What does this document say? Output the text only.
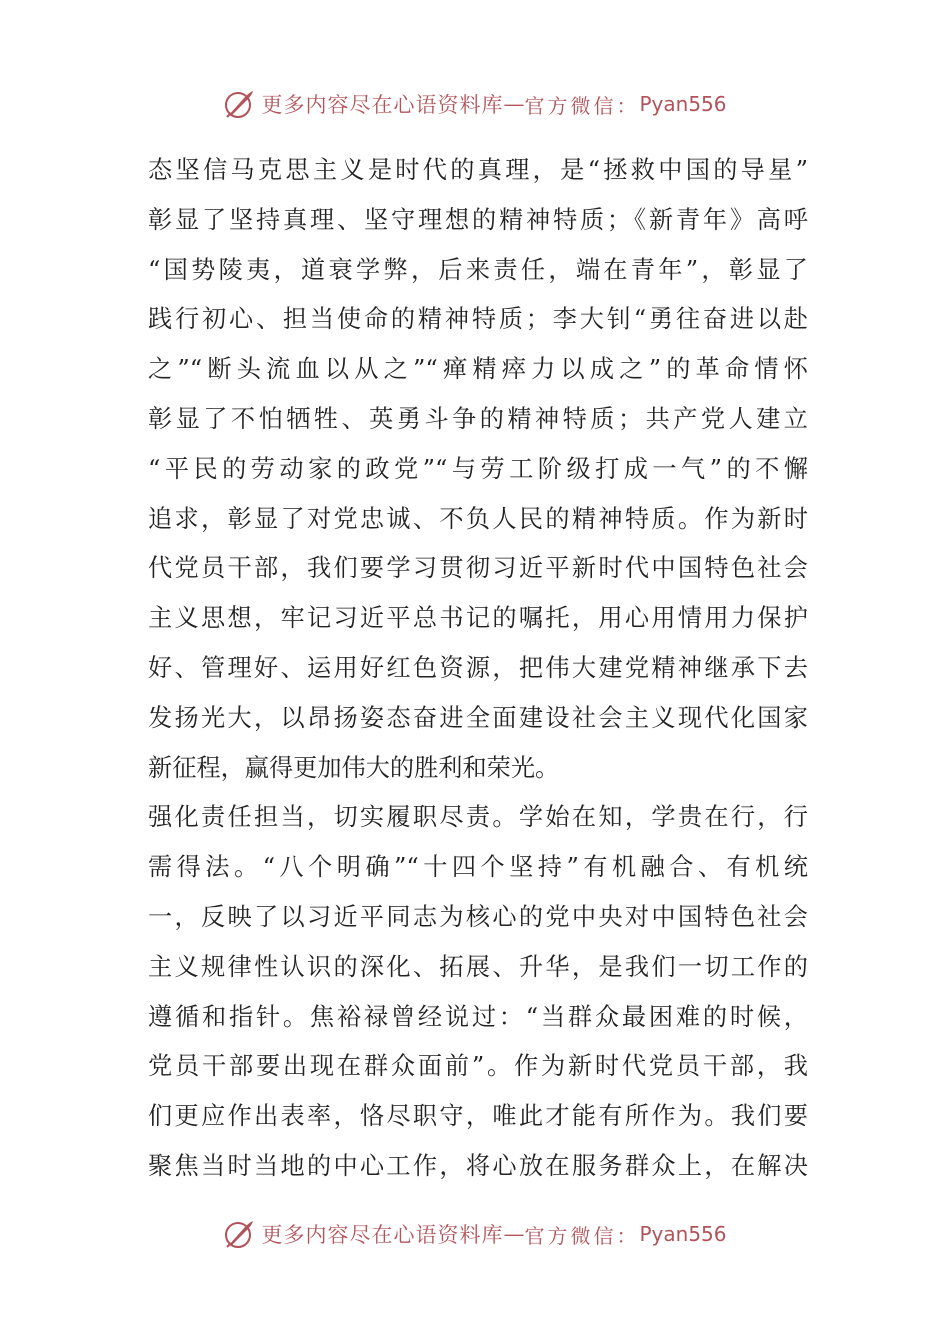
更多内容尽在心语资料库 — 官方微信： Pyan556
态坚信马克思主义是时代的真理，是“拯救中国的导星”
彰显了坚持真理、坚守理想的精神特质；《新青年》高呼
“国势陵夷，道衰学弊，后来责任，端在青年”，彰显了
践行初心、担当使命的精神特质；李大钊“勇往奋进以赴
之”“断头流血以从之”“瘅精瘁力以成之”的革命情怀
彰显了不怕牺牲、英勇斗争的精神特质；共产党人建立
“平民的劳动家的政党”“与劳工阶级打成一气”的不懈
追求，彰显了对党忠诚、不负人民的精神特质。作为新时
代党员干部，我们要学习贯彻习近平新时代中国特色社会
主义思想，牢记习近平总书记的嘱托，用心用情用力保护
好、管理好、运用好红色资源，把伟大建党精神继承下去
发扬光大，以昂扬姿态奋进全面建设社会主义现代化国家
新征程，赢得更加伟大的胜利和荣光。
强化责任担当，切实履职尽责。学始在知，学贵在行，行
需得法。“八个明确”“十四个坚持”有机融合、有机统
一，反映了以习近平同志为核心的党中央对中国特色社会
主义规律性认识的深化、拓展、升华，是我们一切工作的
遵循和指针。焦裕禄曾经说过：“当群众最困难的时候，
党员干部要出现在群众面前”。作为新时代党员干部，我
们更应作出表率，恪尽职守，唯此才能有所作为。我们要
聚焦当时当地的中心工作，将心放在服务群众上，在解决
更多内容尽在心语资料库 — 官方微信： Pyan556
